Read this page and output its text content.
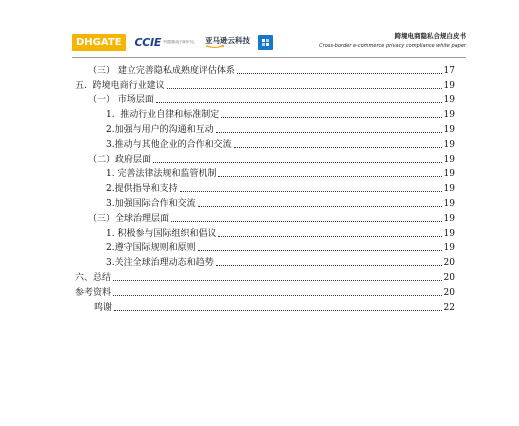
DHGATE	CCIE 中国国际电子商务中心	亚马逊云科技	跨境电商隐私合规白皮书
Cross-border e-commerce privacy compliance white paper
（三） 建立完善隐私成熟度评估体系	17
五.  跨境电商行业建议	19
（一） 市场层面	19
1.  推动行业自律和标准制定	19
2.加强与用户的沟通和互动	19
3.推动与其他企业的合作和交流	19
（二）政府层面	19
1. 完善法律法规和监管机制	19
2.提供指导和支持	19
3.加强国际合作和交流	19
（三）全球治理层面	19
1. 积极参与国际组织和倡议	19
2.遵守国际规则和原则	19
3.关注全球治理动态和趋势	20
六、总结	20
参考资料	20
鸣谢	22
